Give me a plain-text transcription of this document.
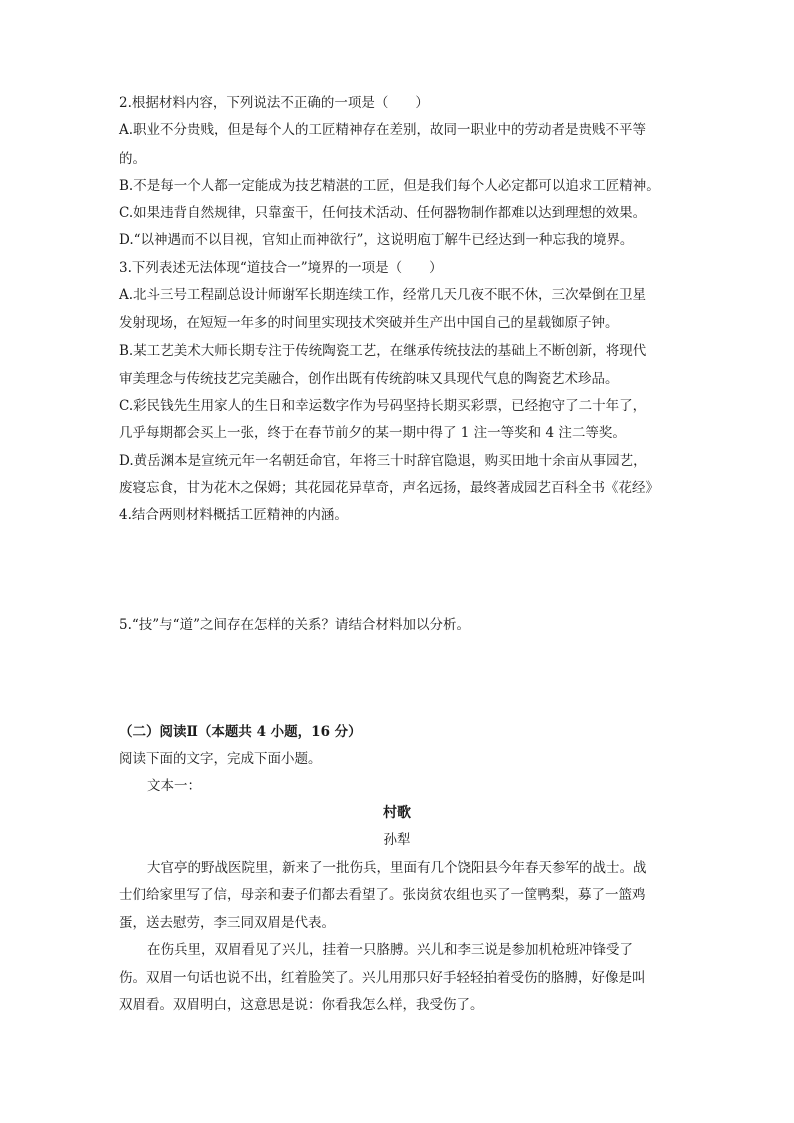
2.根据材料内容，下列说法不正确的一项是（　　）
A.职业不分贵贱，但是每个人的工匠精神存在差别，故同一职业中的劳动者是贵贱不平等
的。
B.不是每一个人都一定能成为技艺精湛的工匠，但是我们每个人必定都可以追求工匠精神。
C.如果违背自然规律，只靠蛮干，任何技术活动、任何器物制作都难以达到理想的效果。
D.“以神遇而不以目视，官知止而神欲行”，这说明庖丁解牛已经达到一种忘我的境界。
3.下列表述无法体现“道技合一”境界的一项是（　　）
A.北斗三号工程副总设计师谢军长期连续工作，经常几天几夜不眠不休，三次晕倒在卫星
发射现场，在短短一年多的时间里实现技术突破并生产出中国自己的星载铷原子钟。
B.某工艺美术大师长期专注于传统陶瓷工艺，在继承传统技法的基础上不断创新，将现代
审美理念与传统技艺完美融合，创作出既有传统韵味又具现代气息的陶瓷艺术珍品。
C.彩民钱先生用家人的生日和幸运数字作为号码坚持长期买彩票，已经抱守了二十年了，
几乎每期都会买上一张，终于在春节前夕的某一期中得了 1 注一等奖和 4 注二等奖。
D.黄岳渊本是宣统元年一名朝廷命官，年将三十时辞官隐退，购买田地十余亩从事园艺，
废寝忘食，甘为花木之保姆；其花园花异草奇，声名远扬，最终著成园艺百科全书《花经》
4.结合两则材料概括工匠精神的内涵。
5.“技”与“道”之间存在怎样的关系？请结合材料加以分析。
（二）阅读Ⅱ（本题共 4 小题，16 分）
阅读下面的文字，完成下面小题。
文本一：
村歌
孙犁
大官亭的野战医院里，新来了一批伤兵，里面有几个饶阳县今年春天参军的战士。战
士们给家里写了信，母亲和妻子们都去看望了。张岗贫农组也买了一筐鸭梨，募了一篮鸡
蛋，送去慰劳，李三同双眉是代表。
在伤兵里，双眉看见了兴儿，挂着一只胳膊。兴儿和李三说是参加机枪班冲锋受了
伤。双眉一句话也说不出，红着脸笑了。兴儿用那只好手轻轻拍着受伤的胳膊，好像是叫
双眉看。双眉明白，这意思是说：你看我怎么样，我受伤了。
